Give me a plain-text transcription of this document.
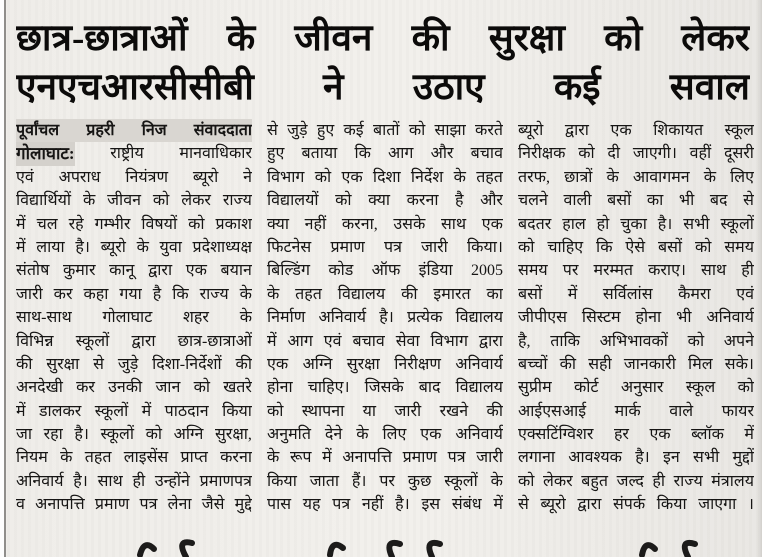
छात्र-छात्राओं के जीवन की सुरक्षा को लेकर
एनएचआरसीसीबी ने उठाए कई सवाल
पूर्वांचल प्रहरी निज संवाददाता
गोलाघाट: राष्ट्रीय मानवाधिकार
एवं अपराध नियंत्रण ब्यूरो ने
विद्यार्थियों के जीवन को लेकर राज्य
में चल रहे गम्भीर विषयों को प्रकाश
में लाया है। ब्यूरो के युवा प्रदेशाध्यक्ष
संतोष कुमार कानू द्वारा एक बयान
जारी कर कहा गया है कि राज्य के
साथ-साथ गोलाघाट शहर के
विभिन्न स्कूलों द्वारा छात्र-छात्राओं
की सुरक्षा से जुड़े दिशा-निर्देशों की
अनदेखी कर उनकी जान को खतरे
में डालकर स्कूलों में पाठदान किया
जा रहा है। स्कूलों को अग्नि सुरक्षा,
नियम के तहत लाइसेंस प्राप्त करना
अनिवार्य है। साथ ही उन्होंने प्रमाणपत्र
व अनापत्ति प्रमाण पत्र लेना जैसे मुद्दे
से जुड़े हुए कई बातों को साझा करते
हुए बताया कि आग और बचाव
विभाग को एक दिशा निर्देश के तहत
विद्यालयों को क्या करना है और
क्या नहीं करना, उसके साथ एक
फिटनेस प्रमाण पत्र जारी किया।
बिल्डिंग कोड ऑफ इंडिया 2005
के तहत विद्यालय की इमारत का
निर्माण अनिवार्य है। प्रत्येक विद्यालय
में आग एवं बचाव सेवा विभाग द्वारा
एक अग्नि सुरक्षा निरीक्षण अनिवार्य
होना चाहिए। जिसके बाद विद्यालय
को स्थापना या जारी रखने की
अनुमति देने के लिए एक अनिवार्य
के रूप में अनापत्ति प्रमाण पत्र जारी
किया जाता हैं। पर कुछ स्कूलों के
पास यह पत्र नहीं है। इस संबंध में
ब्यूरो द्वारा एक शिकायत स्कूल
निरीक्षक को दी जाएगी। वहीं दूसरी
तरफ, छात्रों के आवागमन के लिए
चलने वाली बसों का भी बद से
बदतर हाल हो चुका है। सभी स्कूलों
को चाहिए कि ऐसे बसों को समय
समय पर मरम्मत कराए। साथ ही
बसों में सर्विलांस कैमरा एवं
जीपीएस सिस्टम होना भी अनिवार्य
है, ताकि अभिभावकों को अपने
बच्चों की सही जानकारी मिल सके।
सुप्रीम कोर्ट अनुसार स्कूल को
आईएसआई मार्क वाले फायर
एक्सटिंग्विशर हर एक ब्लॉक में
लगाना आवश्यक है। इन सभी मुद्दों
को लेकर बहुत जल्द ही राज्य मंत्रालय
से ब्यूरो द्वारा संपर्क किया जाएगा ।
